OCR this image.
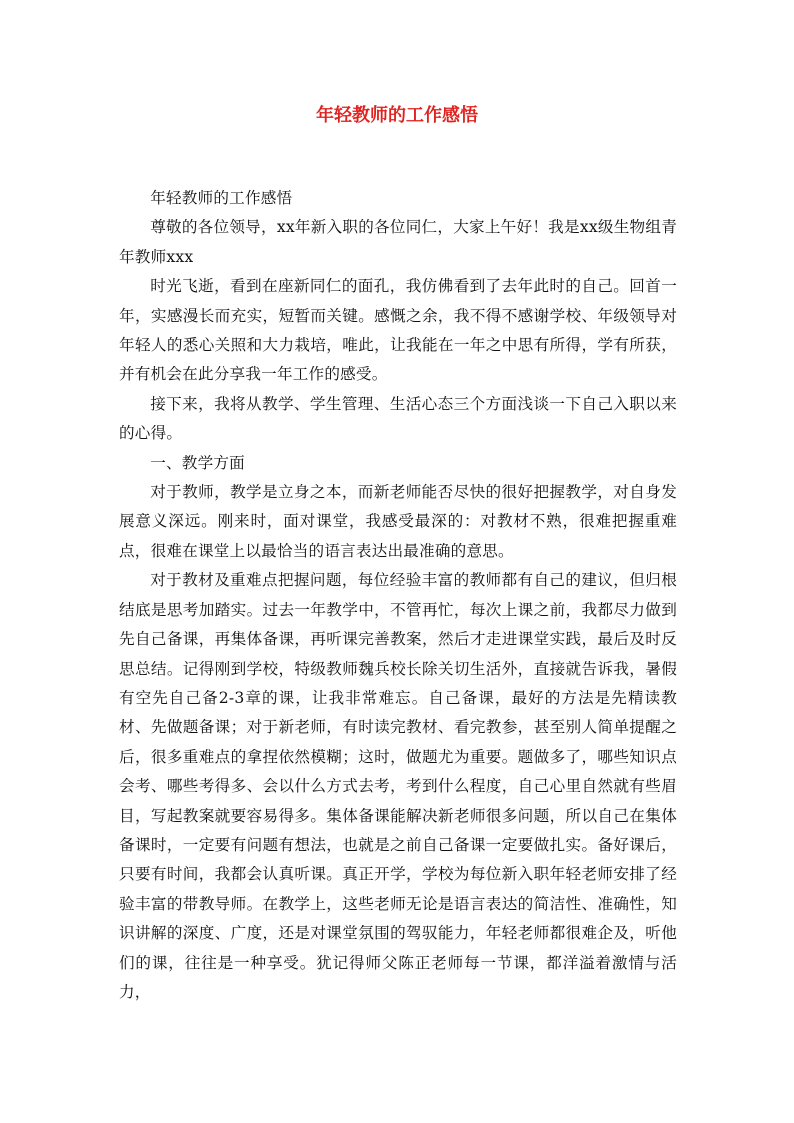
年轻教师的工作感悟

年轻教师的工作感悟

尊敬的各位领导，xx年新入职的各位同仁，大家上午好！我是xx级生物组青年教师xxx

时光飞逝，看到在座新同仁的面孔，我仿佛看到了去年此时的自己。回首一年，实感漫长而充实，短暂而关键。感慨之余，我不得不感谢学校、年级领导对年轻人的悉心关照和大力栽培，唯此，让我能在一年之中思有所得，学有所获，并有机会在此分享我一年工作的感受。

接下来，我将从教学、学生管理、生活心态三个方面浅谈一下自己入职以来的心得。

一、教学方面

对于教师，教学是立身之本，而新老师能否尽快的很好把握教学，对自身发展意义深远。刚来时，面对课堂，我感受最深的：对教材不熟，很难把握重难点，很难在课堂上以最恰当的语言表达出最准确的意思。

对于教材及重难点把握问题，每位经验丰富的教师都有自己的建议，但归根结底是思考加踏实。过去一年教学中，不管再忙，每次上课之前，我都尽力做到先自己备课，再集体备课，再听课完善教案，然后才走进课堂实践，最后及时反思总结。记得刚到学校，特级教师魏兵校长除关切生活外，直接就告诉我，暑假有空先自己备2-3章的课，让我非常难忘。自己备课，最好的方法是先精读教材、先做题备课；对于新老师，有时读完教材、看完教参，甚至别人简单提醒之后，很多重难点的拿捏依然模糊；这时，做题尤为重要。题做多了，哪些知识点会考、哪些考得多、会以什么方式去考，考到什么程度，自己心里自然就有些眉目，写起教案就要容易得多。集体备课能解决新老师很多问题，所以自己在集体备课时，一定要有问题有想法，也就是之前自己备课一定要做扎实。备好课后，只要有时间，我都会认真听课。真正开学，学校为每位新入职年轻老师安排了经验丰富的带教导师。在教学上，这些老师无论是语言表达的简洁性、准确性，知识讲解的深度、广度，还是对课堂氛围的驾驭能力，年轻老师都很难企及，听他们的课，往往是一种享受。犹记得师父陈正老师每一节课，都洋溢着激情与活力，
